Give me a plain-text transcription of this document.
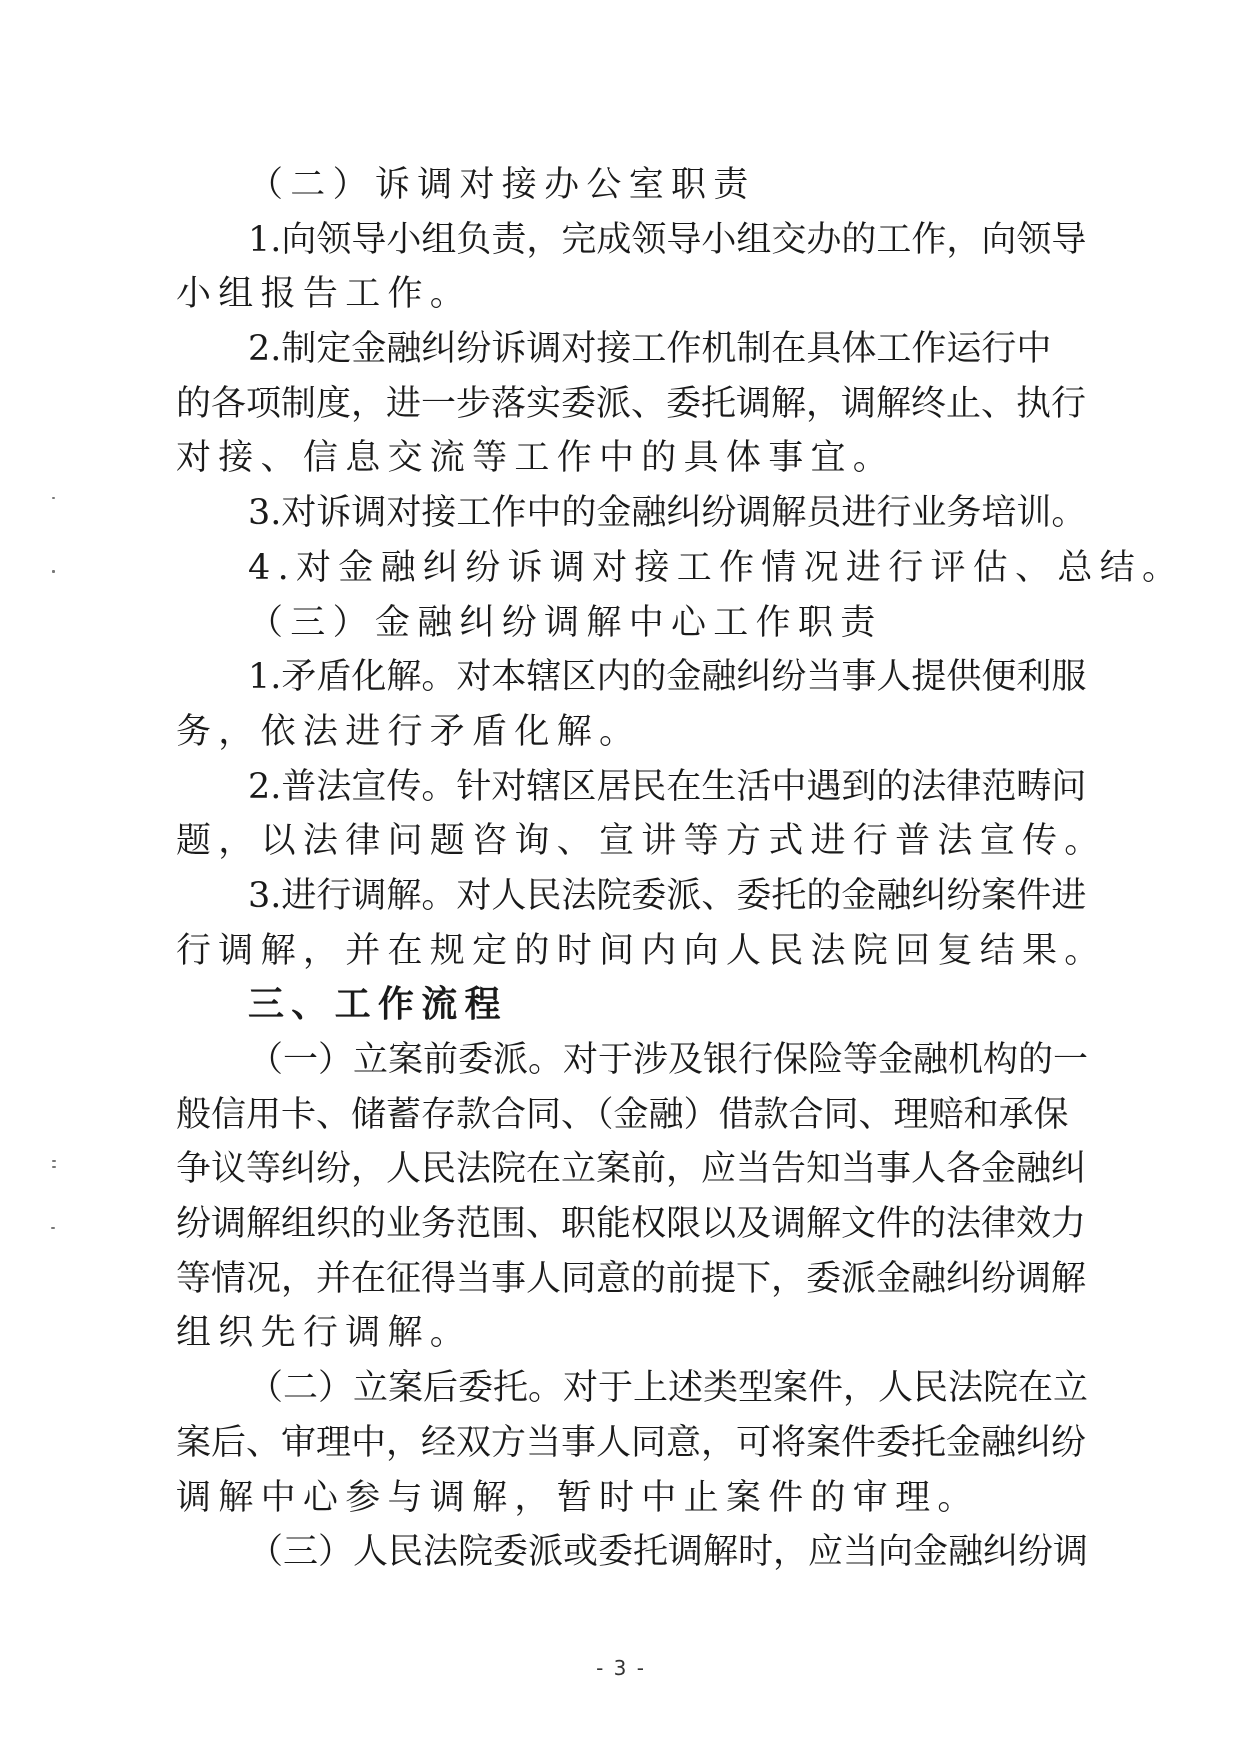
（二）诉调对接办公室职责
1.向领导小组负责，完成领导小组交办的工作，向领导
小组报告工作。
2.制定金融纠纷诉调对接工作机制在具体工作运行中
的各项制度，进一步落实委派、委托调解，调解终止、执行
对接、信息交流等工作中的具体事宜。
3.对诉调对接工作中的金融纠纷调解员进行业务培训。
4.对金融纠纷诉调对接工作情况进行评估、总结。
（三）金融纠纷调解中心工作职责
1.矛盾化解。对本辖区内的金融纠纷当事人提供便利服
务，依法进行矛盾化解。
2.普法宣传。针对辖区居民在生活中遇到的法律范畴问
题，以法律问题咨询、宣讲等方式进行普法宣传。
3.进行调解。对人民法院委派、委托的金融纠纷案件进
行调解，并在规定的时间内向人民法院回复结果。
三、工作流程
（一）立案前委派。对于涉及银行保险等金融机构的一
般信用卡、储蓄存款合同、（金融）借款合同、理赔和承保
争议等纠纷，人民法院在立案前，应当告知当事人各金融纠
纷调解组织的业务范围、职能权限以及调解文件的法律效力
等情况，并在征得当事人同意的前提下，委派金融纠纷调解
组织先行调解。
（二）立案后委托。对于上述类型案件，人民法院在立
案后、审理中，经双方当事人同意，可将案件委托金融纠纷
调解中心参与调解，暂时中止案件的审理。
（三）人民法院委派或委托调解时，应当向金融纠纷调
- 3 -
